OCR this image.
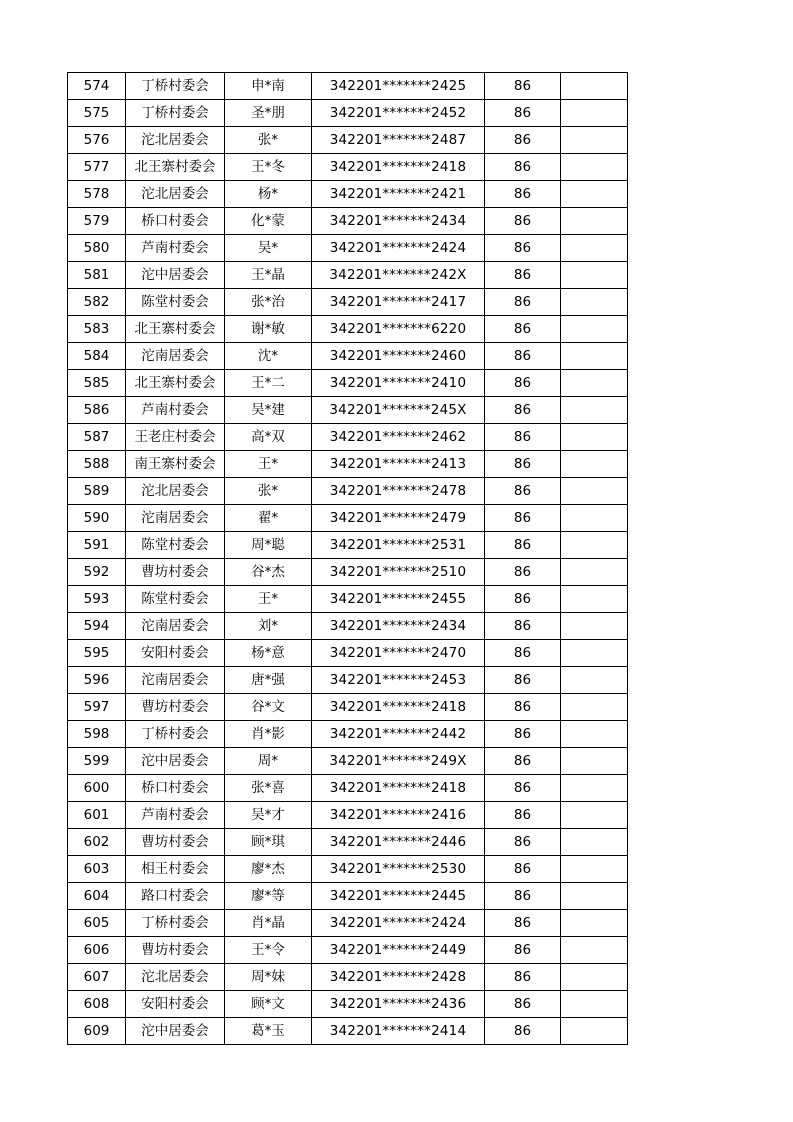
574	丁桥村委会	申*南	342201*******2425	86	
575	丁桥村委会	圣*朋	342201*******2452	86	
576	沱北居委会	张*	342201*******2487	86	
577	北王寨村委会	王*冬	342201*******2418	86	
578	沱北居委会	杨*	342201*******2421	86	
579	桥口村委会	化*蒙	342201*******2434	86	
580	芦南村委会	吴*	342201*******2424	86	
581	沱中居委会	王*晶	342201*******242X	86	
582	陈堂村委会	张*治	342201*******2417	86	
583	北王寨村委会	谢*敏	342201*******6220	86	
584	沱南居委会	沈*	342201*******2460	86	
585	北王寨村委会	王*二	342201*******2410	86	
586	芦南村委会	吴*建	342201*******245X	86	
587	王老庄村委会	高*双	342201*******2462	86	
588	南王寨村委会	王*	342201*******2413	86	
589	沱北居委会	张*	342201*******2478	86	
590	沱南居委会	翟*	342201*******2479	86	
591	陈堂村委会	周*聪	342201*******2531	86	
592	曹坊村委会	谷*杰	342201*******2510	86	
593	陈堂村委会	王*	342201*******2455	86	
594	沱南居委会	刘*	342201*******2434	86	
595	安阳村委会	杨*意	342201*******2470	86	
596	沱南居委会	唐*强	342201*******2453	86	
597	曹坊村委会	谷*文	342201*******2418	86	
598	丁桥村委会	肖*影	342201*******2442	86	
599	沱中居委会	周*	342201*******249X	86	
600	桥口村委会	张*喜	342201*******2418	86	
601	芦南村委会	吴*才	342201*******2416	86	
602	曹坊村委会	顾*琪	342201*******2446	86	
603	相王村委会	廖*杰	342201*******2530	86	
604	路口村委会	廖*等	342201*******2445	86	
605	丁桥村委会	肖*晶	342201*******2424	86	
606	曹坊村委会	王*令	342201*******2449	86	
607	沱北居委会	周*妹	342201*******2428	86	
608	安阳村委会	顾*文	342201*******2436	86	
609	沱中居委会	葛*玉	342201*******2414	86	
